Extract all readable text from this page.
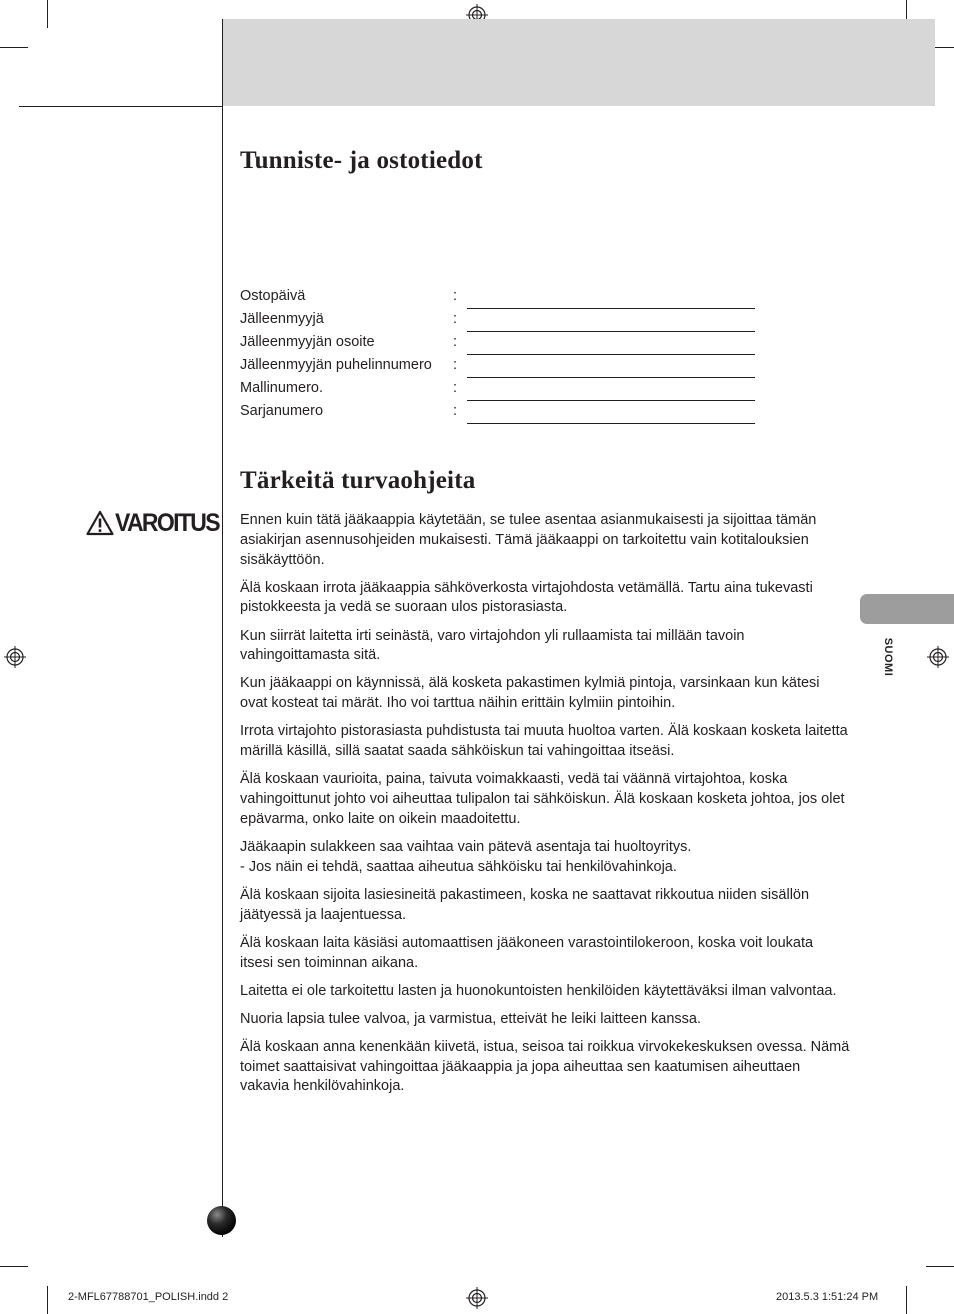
Tunniste- ja ostotiedot
Ostopäivä	:
Jälleenmyyjä	:
Jälleenmyyjän osoite	:
Jälleenmyyjän puhelinnumero :
Mallinumero.	:
Sarjanumero	:
Tärkeitä turvaohjeita
VAROITUS Ennen kuin tätä jääkaappia käytetään, se tulee asentaa asianmukaisesti ja sijoittaa tämän asiakirjan asennusohjeiden mukaisesti. Tämä jääkaappi on tarkoitettu vain kotitalouksien sisäkäyttöön.

Älä koskaan irrota jääkaappia sähköverkosta virtajohdosta vetämällä. Tartu aina tukevasti pistokkeesta ja vedä se suoraan ulos pistorasiasta.

Kun siirrät laitetta irti seinästä, varo virtajohdon yli rullaamista tai millään tavoin vahingoittamasta sitä.

Kun jääkaappi on käynnissä, älä kosketa pakastimen kylmiä pintoja, varsinkaan kun kätesi ovat kosteat tai märät. Iho voi tarttua näihin erittäin kylmiin pintoihin.

Irrota virtajohto pistorasiasta puhdistusta tai muuta huoltoa varten. Älä koskaan kosketa laitetta märillä käsillä, sillä saatat saada sähköiskun tai vahingoittaa itseäsi.

Älä koskaan vaurioita, paina, taivuta voimakkaasti, vedä tai väännä virtajohtoa, koska vahingoittunut johto voi aiheuttaa tulipalon tai sähköiskun. Älä koskaan kosketa johtoa, jos olet epävarma, onko laite on oikein maadoitettu.

Jääkaapin sulakkeen saa vaihtaa vain pätevä asentaja tai huoltoyritys.
- Jos näin ei tehdä, saattaa aiheutua sähköisku tai henkilövahinkoja.

Älä koskaan sijoita lasiesineitä pakastimeen, koska ne saattavat rikkoutua niiden sisällön jäätyessä ja laajentuessa.

Älä koskaan laita käsiäsi automaattisen jääkoneen varastointilokeroon, koska voit loukata itsesi sen toiminnan aikana.

Laitetta ei ole tarkoitettu lasten ja huonokuntoisten henkilöiden käytettäväksi ilman valvontaa.

Nuoria lapsia tulee valvoa, ja varmistua, etteivät he leiki laitteen kanssa.

Älä koskaan anna kenenkään kiivetä, istua, seisoa tai roikkua virvokekeskuksen ovessa. Nämä toimet saattaisivat vahingoittaa jääkaappia ja jopa aiheuttaa sen kaatumisen aiheuttaen vakavia henkilövahinkoja.

SUOMI
2-MFL67788701_POLISH.indd 2	2013.5.3 1:51:24 PM
